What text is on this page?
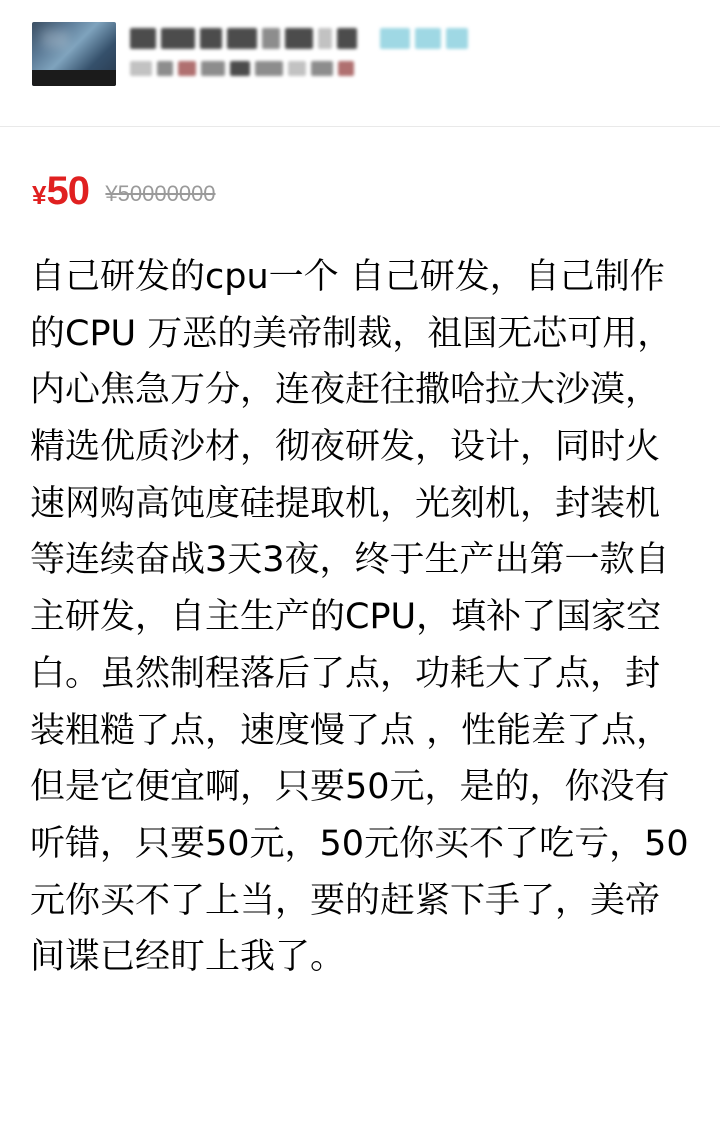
¥50 ¥50000000
自己研发的cpu一个 自己研发，自己制作的CPU 万恶的美帝制裁，祖国无芯可用，内心焦急万分，连夜赶往撒哈拉大沙漠，精选优质沙材，彻夜研发，设计，同时火速网购高饨度硅提取机，光刻机，封装机等连续奋战3天3夜，终于生产出第一款自主研发，自主生产的CPU，填补了国家空白。虽然制程落后了点，功耗大了点，封装粗糙了点，速度慢了点 ，性能差了点，但是它便宜啊，只要50元，是的，你没有听错，只要50元，50元你买不了吃亏，50元你买不了上当，要的赶紧下手了，美帝间谍已经盯上我了。
